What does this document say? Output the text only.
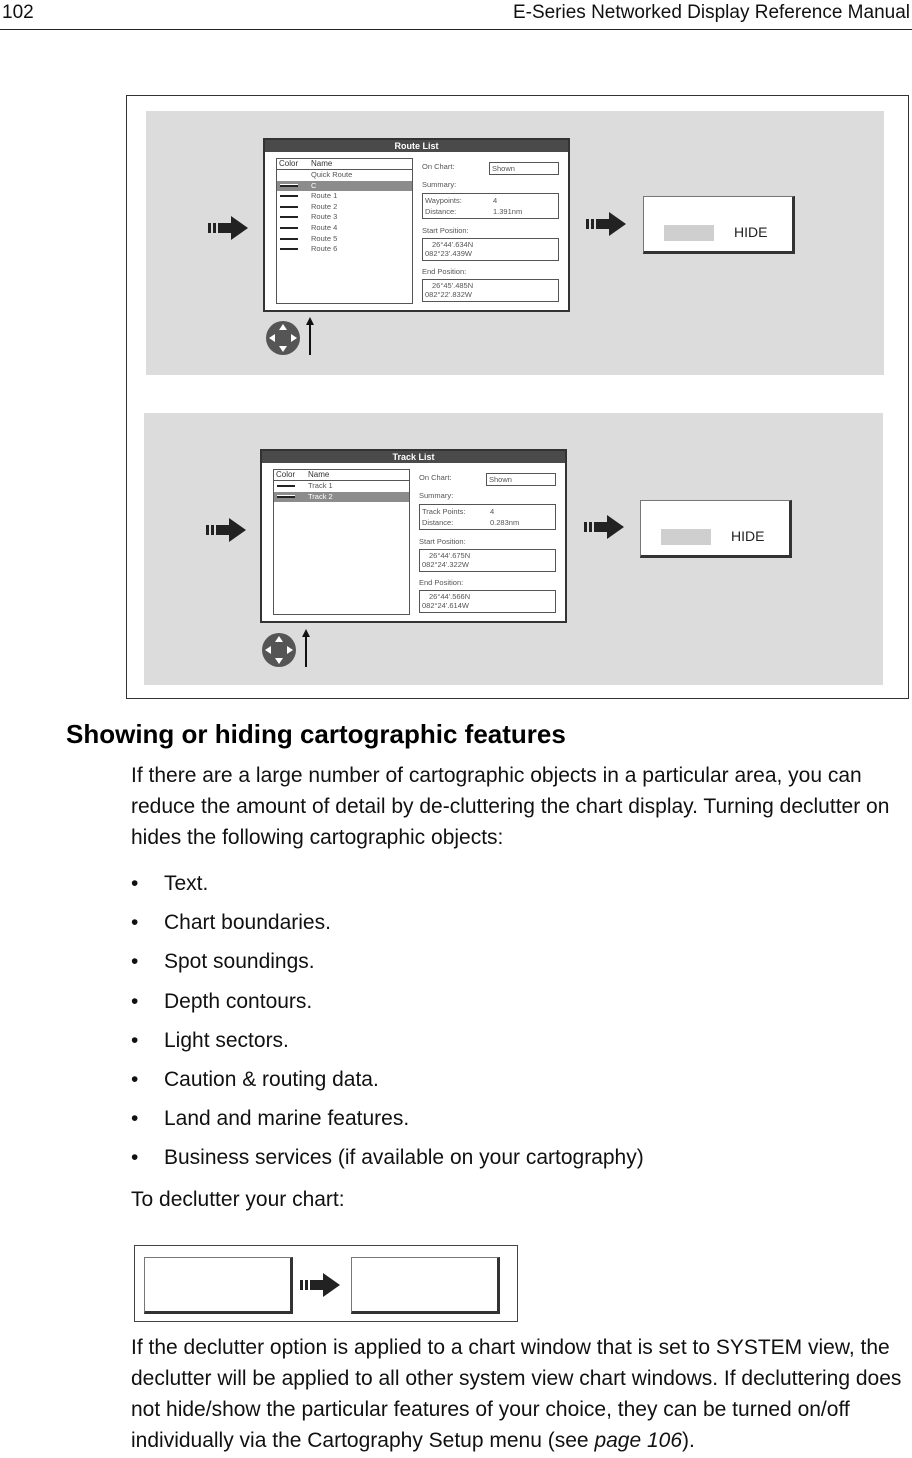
102	E-Series Networked Display Reference Manual
Route List
Color Name
Quick Route
C
Route 1
Route 2
Route 3
Route 4
Route 5
Route 6
On Chart:	Shown
Summary:
Waypoints:	4
Distance:	1.391nm
Start Position:
26°44'.634N
082°23'.439W
End Position:
26°45'.485N
082°22'.832W
HIDE
Track List
Color Name
Track 1
Track 2
On Chart:	Shown
Summary:
Track Points:	4
Distance:	0.283nm
Start Position:
26°44'.675N
082°24'.322W
End Position:
26°44'.566N
082°24'.614W
HIDE
Showing or hiding cartographic features

If there are a large number of cartographic objects in a particular area, you can reduce the amount of detail by de-cluttering the chart display. Turning declutter on hides the following cartographic objects:

• Text.
• Chart boundaries.
• Spot soundings.
• Depth contours.
• Light sectors.
• Caution & routing data.
• Land and marine features.
• Business services (if available on your cartography)

To declutter your chart:

If the declutter option is applied to a chart window that is set to SYSTEM view, the declutter will be applied to all other system view chart windows. If decluttering does not hide/show the particular features of your choice, they can be turned on/off individually via the Cartography Setup menu (see page 106).
